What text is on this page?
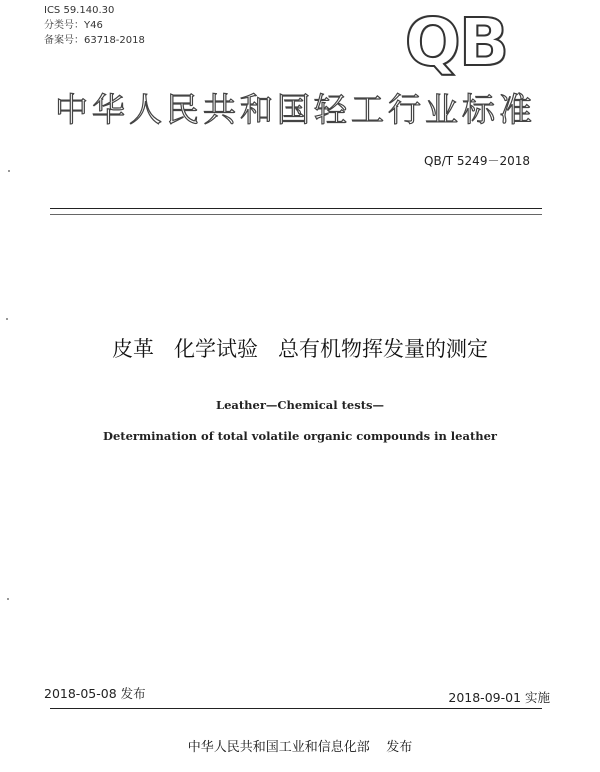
ICS 59.140.30
分类号：Y46
备案号：63718-2018	QB
中华人民共和国轻工行业标准
QB/T 5249－2018
皮革   化学试验   总有机物挥发量的测定
Leather—Chemical tests—
Determination of total volatile organic compounds in leather
2018-05-08 发布	2018-09-01 实施
中华人民共和国工业和信息化部    发布
